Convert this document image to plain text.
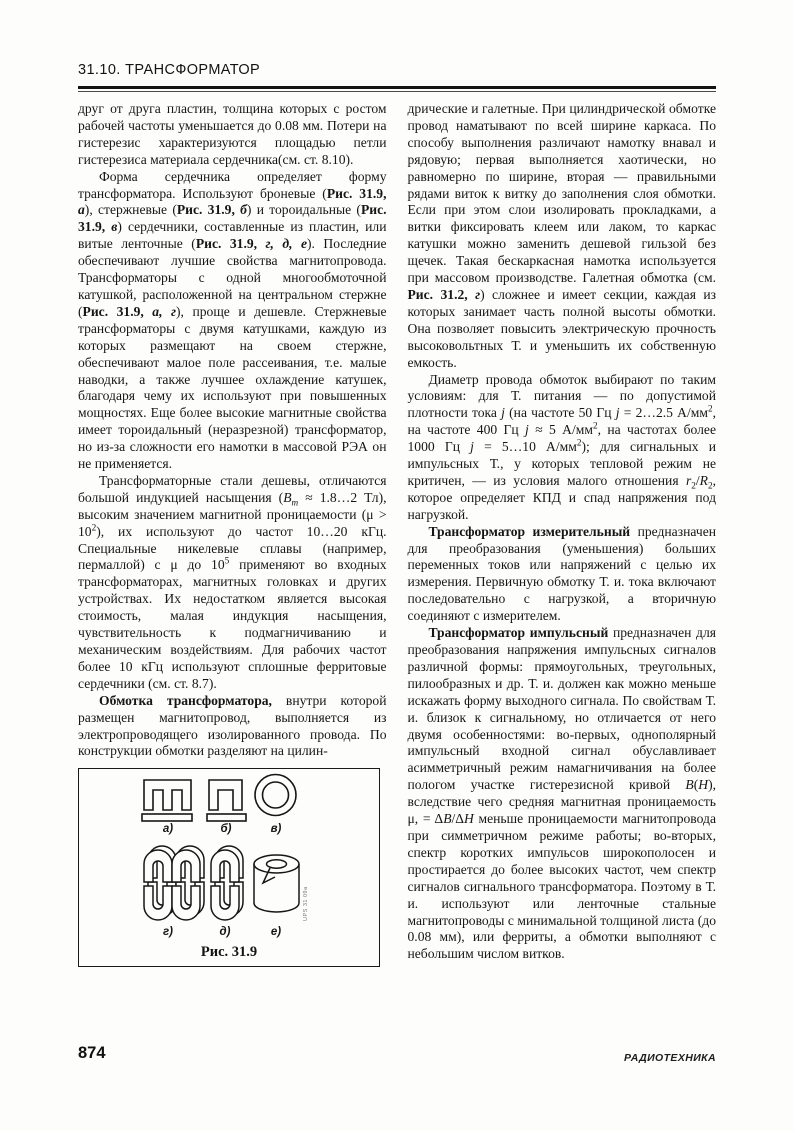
31.10. ТРАНСФОРМАТОР

друг от друга пластин, толщина которых с ростом рабочей частоты уменьшается до 0.08 мм. Потери на гистерезис характеризуются площадью петли гистерезиса материала сердечника(см. ст. 8.10).

Форма сердечника определяет форму трансформатора. Используют броневые (Рис. 31.9, а), стержневые (Рис. 31.9, б) и тороидальные (Рис. 31.9, в) сердечники, составленные из пластин, или витые ленточные (Рис. 31.9, г, д, е). Последние обеспечивают лучшие свойства магнитопровода. Трансформаторы с одной многообмоточной катушкой, расположенной на центральном стержне (Рис. 31.9, а, г), проще и дешевле. Стержневые трансформаторы с двумя катушками, каждую из которых размещают на своем стержне, обеспечивают малое поле рассеивания, т.е. малые наводки, а также лучшее охлаждение катушек, благодаря чему их используют при повышенных мощностях. Еще более высокие магнитные свойства имеет тороидальный (неразрезной) трансформатор, но из-за сложности его намотки в массовой РЭА он не применяется.

Трансформаторные стали дешевы, отличаются большой индукцией насыщения ($B_m$ ≈ 1.8…2 Тл), высоким значением магнитной проницаемости $(\mu > 10^2)$, их используют до частот 10…20 кГц. Специальные никелевые сплавы (например, пермаллой) с μ до $10^5$ применяют во входных трансформаторах, магнитных головках и других устройствах. Их недостатком является высокая стоимость, малая индукция насыщения, чувствительность к подмагничиванию и механическим воздействиям. Для рабочих частот более 10 кГц используют сплошные ферритовые сердечники (см. ст. 8.7).

Обмотка трансформатора, внутри которой размещен магнитопровод, выполняется из электропроводящего изолированного провода. По конструкции обмотки разделяют на цилин-

а)	б)	в)
г)	д)	е)
UPS 31 09a
Рис. 31.9

дрические и галетные. При цилиндрической обмотке провод наматывают по всей ширине каркаса. По способу выполнения различают намотку внавал и рядовую; первая выполняется хаотически, но равномерно по ширине, вторая — правильными рядами виток к витку до заполнения слоя обмотки. Если при этом слои изолировать прокладками, а витки фиксировать клеем или лаком, то каркас катушки можно заменить дешевой гильзой без щечек. Такая бескаркасная намотка используется при массовом производстве. Галетная обмотка (см. Рис. 31.2, г) сложнее и имеет секции, каждая из которых занимает часть полной высоты обмотки. Она позволяет повысить электрическую прочность высоковольтных Т. и уменьшить их собственную емкость.

Диаметр провода обмоток выбирают по таким условиям: для Т. питания — по допустимой плотности тока j (на частоте 50 Гц j = 2…2.5 $А/мм^2$, на частоте 400 Гц j ≈ 5 $А/мм^2$, на частотах более 1000 Гц j = 5…10 $А/мм^2$); для сигнальных и импульсных Т., у которых тепловой режим не критичен, — из условия малого отношения $r_2/R_2$, которое определяет КПД и спад напряжения под нагрузкой.

Трансформатор измерительный предназначен для преобразования (уменьшения) больших переменных токов или напряжений с целью их измерения. Первичную обмотку Т. и. тока включают последовательно с нагрузкой, а вторичную соединяют с измерителем.

Трансформатор импульсный предназначен для преобразования напряжения импульсных сигналов различной формы: прямоугольных, треугольных, пилообразных и др. Т. и. должен как можно меньше искажать форму выходного сигнала. По свойствам Т. и. близок к сигнальному, но отличается от него двумя особенностями: во-первых, однополярный импульсный входной сигнал обуславливает асимметричный режим намагничивания на более пологом участке гистерезисной кривой B(H), вследствие чего средняя магнитная проницаемость μ, = ΔB/ΔH меньше проницаемости магнитопровода при симметричном режиме работы; во-вторых, спектр коротких импульсов широкополосен и простирается до более высоких частот, чем спектр сигналов сигнального трансформатора. Поэтому в Т. и. используют или ленточные стальные магнитопроводы с минимальной толщиной листа (до 0.08 мм), или ферриты, а обмотки выполняют с небольшим числом витков.

874	РАДИОТЕХНИКА
